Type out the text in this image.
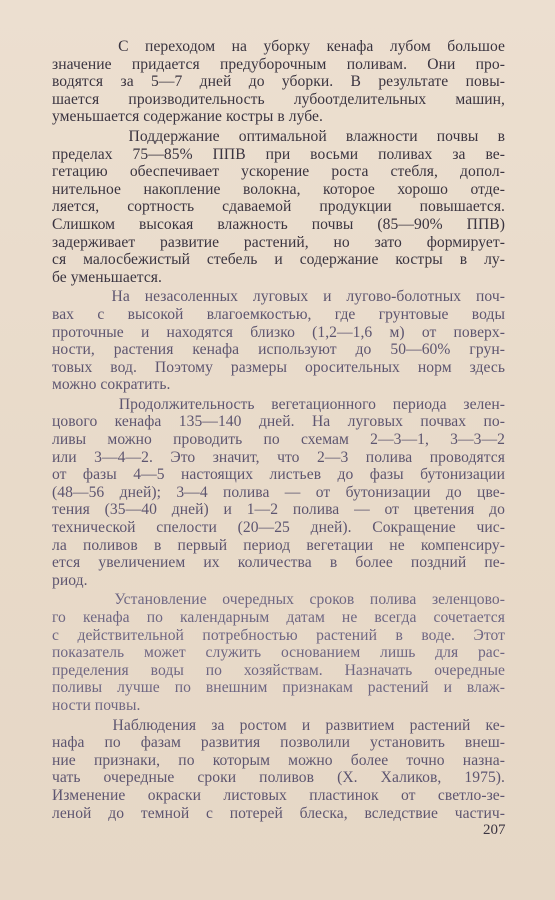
С переходом на уборку кенафа лубом большое
значение придается предуборочным поливам. Они про-
водятся за 5—7 дней до уборки. В результате повы-
шается производительность лубоотделительных машин,
уменьшается содержание костры в лубе.
Поддержание оптимальной влажности почвы в
пределах 75—85% ППВ при восьми поливах за ве-
гетацию обеспечивает ускорение роста стебля, допол-
нительное накопление волокна, которое хорошо отде-
ляется, сортность сдаваемой продукции повышается.
Слишком высокая влажность почвы (85—90% ППВ)
задерживает развитие растений, но зато формирует-
ся малосбежистый стебель и содержание костры в лу-
бе уменьшается.
На незасоленных луговых и лугово-болотных поч-
вах с высокой влагоемкостью, где грунтовые воды
проточные и находятся близко (1,2—1,6 м) от поверх-
ности, растения кенафа используют до 50—60% грун-
товых вод. Поэтому размеры оросительных норм здесь
можно сократить.
Продолжительность вегетационного периода зелен-
цового кенафа 135—140 дней. На луговых почвах по-
ливы можно проводить по схемам 2—3—1, 3—3—2
или 3—4—2. Это значит, что 2—3 полива проводятся
от фазы 4—5 настоящих листьев до фазы бутонизации
(48—56 дней); 3—4 полива — от бутонизации до цве-
тения (35—40 дней) и 1—2 полива — от цветения до
технической спелости (20—25 дней). Сокращение чис-
ла поливов в первый период вегетации не компенсиру-
ется увеличением их количества в более поздний пе-
риод.
Установление очередных сроков полива зеленцово-
го кенафа по календарным датам не всегда сочетается
с действительной потребностью растений в воде. Этот
показатель может служить основанием лишь для рас-
пределения воды по хозяйствам. Назначать очередные
поливы лучше по внешним признакам растений и влаж-
ности почвы.
Наблюдения за ростом и развитием растений ке-
нафа по фазам развития позволили установить внеш-
ние признаки, по которым можно более точно назна-
чать очередные сроки поливов (Х. Халиков, 1975).
Изменение окраски листовых пластинок от светло-зе-
леной до темной с потерей блеска, вследствие частич-
207
